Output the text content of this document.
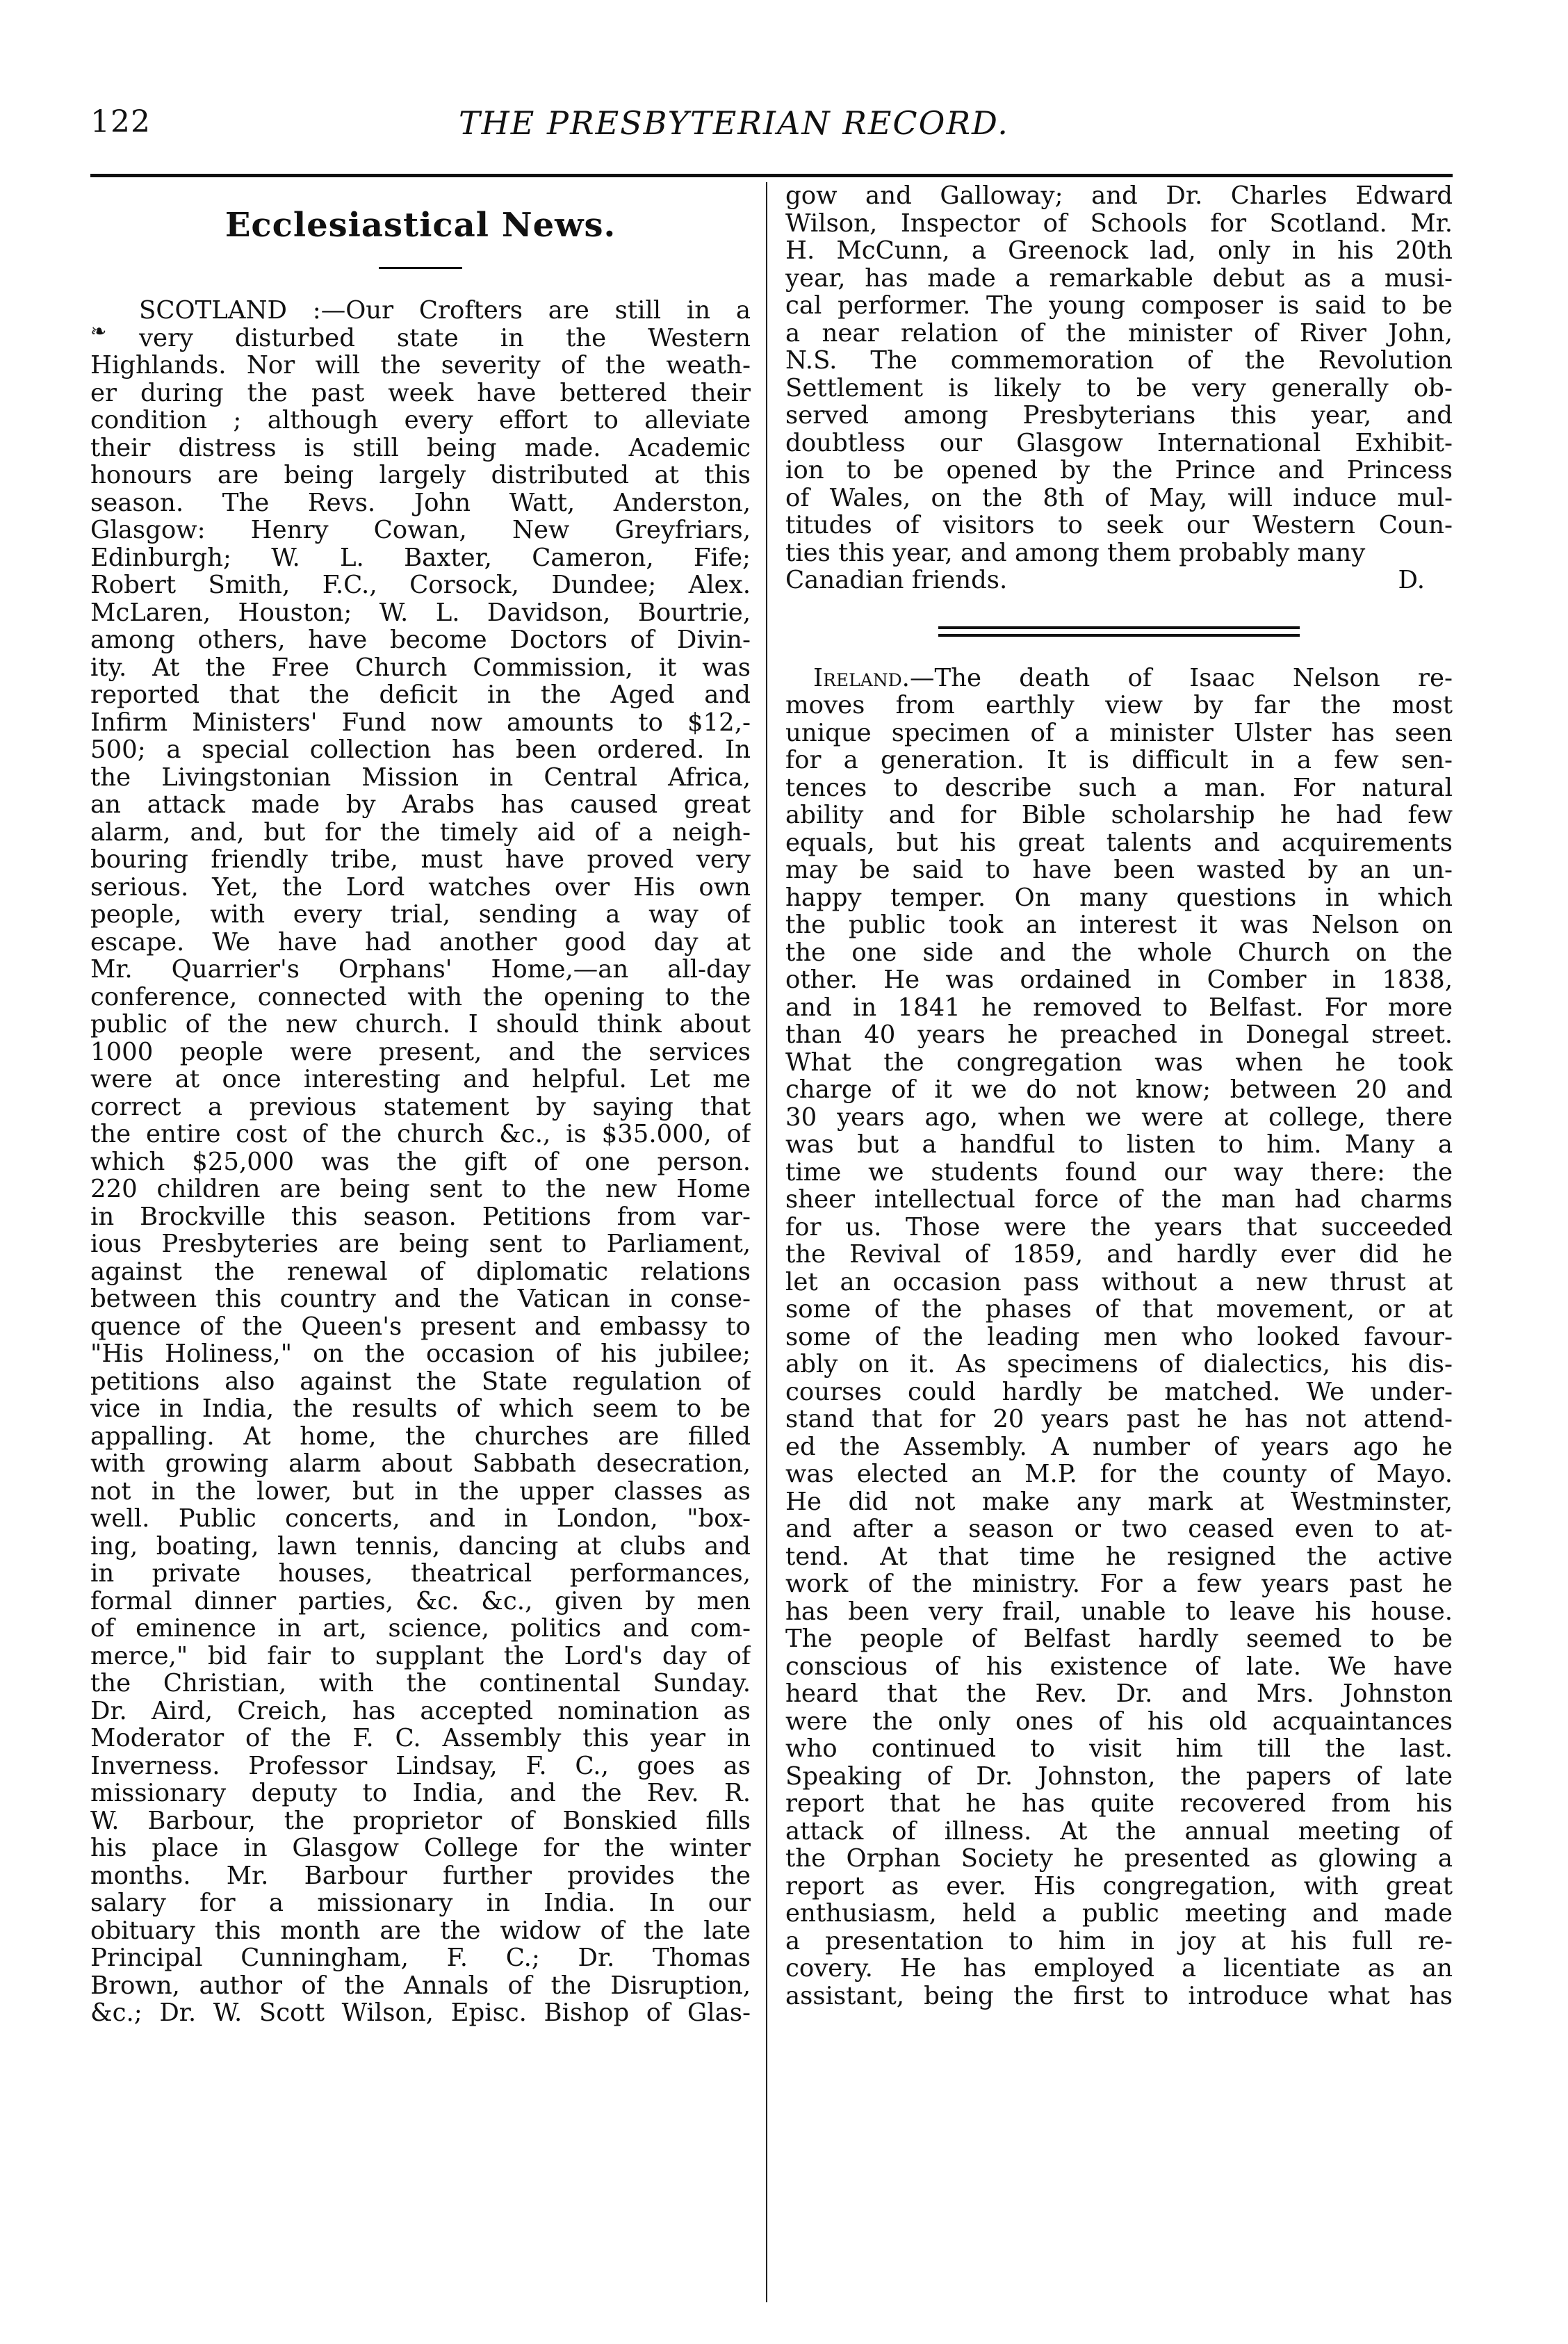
122	THE PRESBYTERIAN RECORD.
Ecclesiastical News.
❧
SCOTLAND :—Our Crofters are still in a
very disturbed state in the Western
Highlands. Nor will the severity of the weath-
er during the past week have bettered their
condition ; although every effort to alleviate
their distress is still being made. Academic
honours are being largely distributed at this
season. The Revs. John Watt, Anderston,
Glasgow: Henry Cowan, New Greyfriars,
Edinburgh; W. L. Baxter, Cameron, Fife;
Robert Smith, F.C., Corsock, Dundee; Alex.
McLaren, Houston; W. L. Davidson, Bourtrie,
among others, have become Doctors of Divin-
ity. At the Free Church Commission, it was
reported that the deficit in the Aged and
Infirm Ministers' Fund now amounts to $12,-
500; a special collection has been ordered. In
the Livingstonian Mission in Central Africa,
an attack made by Arabs has caused great
alarm, and, but for the timely aid of a neigh-
bouring friendly tribe, must have proved very
serious. Yet, the Lord watches over His own
people, with every trial, sending a way of
escape. We have had another good day at
Mr. Quarrier's Orphans' Home,—an all-day
conference, connected with the opening to the
public of the new church. I should think about
1000 people were present, and the services
were at once interesting and helpful. Let me
correct a previous statement by saying that
the entire cost of the church &c., is $35.000, of
which $25,000 was the gift of one person.
220 children are being sent to the new Home
in Brockville this season. Petitions from var-
ious Presbyteries are being sent to Parliament,
against the renewal of diplomatic relations
between this country and the Vatican in conse-
quence of the Queen's present and embassy to
"His Holiness," on the occasion of his jubilee;
petitions also against the State regulation of
vice in India, the results of which seem to be
appalling. At home, the churches are filled
with growing alarm about Sabbath desecration,
not in the lower, but in the upper classes as
well. Public concerts, and in London, "box-
ing, boating, lawn tennis, dancing at clubs and
in private houses, theatrical performances,
formal dinner parties, &c. &c., given by men
of eminence in art, science, politics and com-
merce," bid fair to supplant the Lord's day of
the Christian, with the continental Sunday.
Dr. Aird, Creich, has accepted nomination as
Moderator of the F. C. Assembly this year in
Inverness. Professor Lindsay, F. C., goes as
missionary deputy to India, and the Rev. R.
W. Barbour, the proprietor of Bonskied fills
his place in Glasgow College for the winter
months. Mr. Barbour further provides the
salary for a missionary in India. In our
obituary this month are the widow of the late
Principal Cunningham, F. C.; Dr. Thomas
Brown, author of the Annals of the Disruption,
&c.; Dr. W. Scott Wilson, Episc. Bishop of Glas-
gow and Galloway; and Dr. Charles Edward
Wilson, Inspector of Schools for Scotland. Mr.
H. McCunn, a Greenock lad, only in his 20th
year, has made a remarkable debut as a musi-
cal performer. The young composer is said to be
a near relation of the minister of River John,
N.S. The commemoration of the Revolution
Settlement is likely to be very generally ob-
served among Presbyterians this year, and
doubtless our Glasgow International Exhibit-
ion to be opened by the Prince and Princess
of Wales, on the 8th of May, will induce mul-
titudes of visitors to seek our Western Coun-
ties this year, and among them probably many
Canadian friends.	D.
Ireland.—The death of Isaac Nelson re-
moves from earthly view by far the most
unique specimen of a minister Ulster has seen
for a generation. It is difficult in a few sen-
tences to describe such a man. For natural
ability and for Bible scholarship he had few
equals, but his great talents and acquirements
may be said to have been wasted by an un-
happy temper. On many questions in which
the public took an interest it was Nelson on
the one side and the whole Church on the
other. He was ordained in Comber in 1838,
and in 1841 he removed to Belfast. For more
than 40 years he preached in Donegal street.
What the congregation was when he took
charge of it we do not know; between 20 and
30 years ago, when we were at college, there
was but a handful to listen to him. Many a
time we students found our way there: the
sheer intellectual force of the man had charms
for us. Those were the years that succeeded
the Revival of 1859, and hardly ever did he
let an occasion pass without a new thrust at
some of the phases of that movement, or at
some of the leading men who looked favour-
ably on it. As specimens of dialectics, his dis-
courses could hardly be matched. We under-
stand that for 20 years past he has not attend-
ed the Assembly. A number of years ago he
was elected an M.P. for the county of Mayo.
He did not make any mark at Westminster,
and after a season or two ceased even to at-
tend. At that time he resigned the active
work of the ministry. For a few years past he
has been very frail, unable to leave his house.
The people of Belfast hardly seemed to be
conscious of his existence of late. We have
heard that the Rev. Dr. and Mrs. Johnston
were the only ones of his old acquaintances
who continued to visit him till the last.
Speaking of Dr. Johnston, the papers of late
report that he has quite recovered from his
attack of illness. At the annual meeting of
the Orphan Society he presented as glowing a
report as ever. His congregation, with great
enthusiasm, held a public meeting and made
a presentation to him in joy at his full re-
covery. He has employed a licentiate as an
assistant, being the first to introduce what has
